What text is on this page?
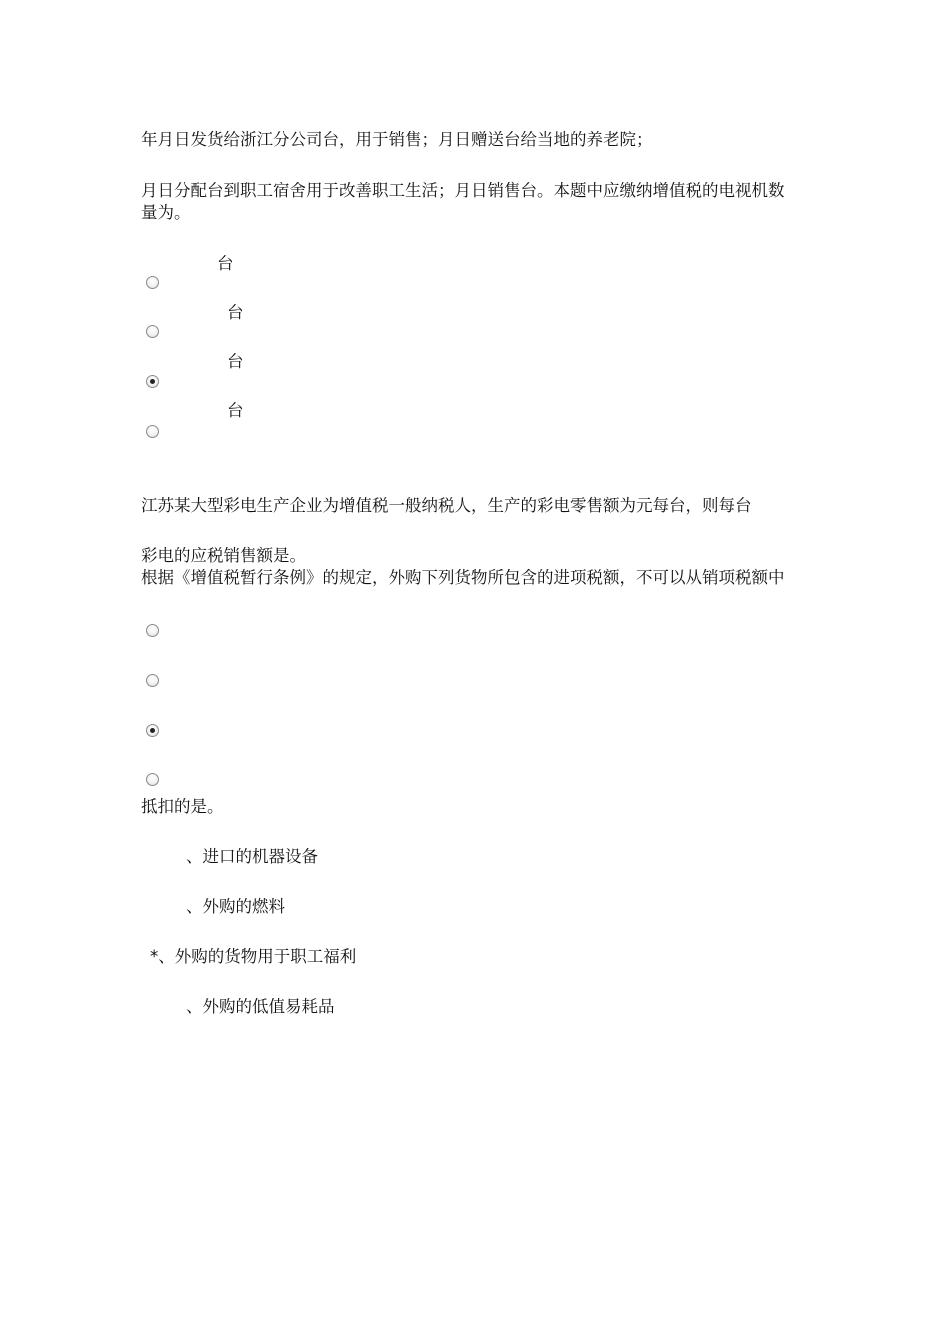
年月日发货给浙江分公司台，用于销售；月日赠送台给当地的养老院；

月日分配台到职工宿舍用于改善职工生活；月日销售台。本题中应缴纳增值税的电视机数

量为。

台
台
台
台

江苏某大型彩电生产企业为增值税一般纳税人，生产的彩电零售额为元每台，则每台

彩电的应税销售额是。

根据《增值税暂行条例》的规定，外购下列货物所包含的进项税额，不可以从销项税额中

抵扣的是。

、进口的机器设备
、外购的燃料
*、外购的货物用于职工福利
、外购的低值易耗品
